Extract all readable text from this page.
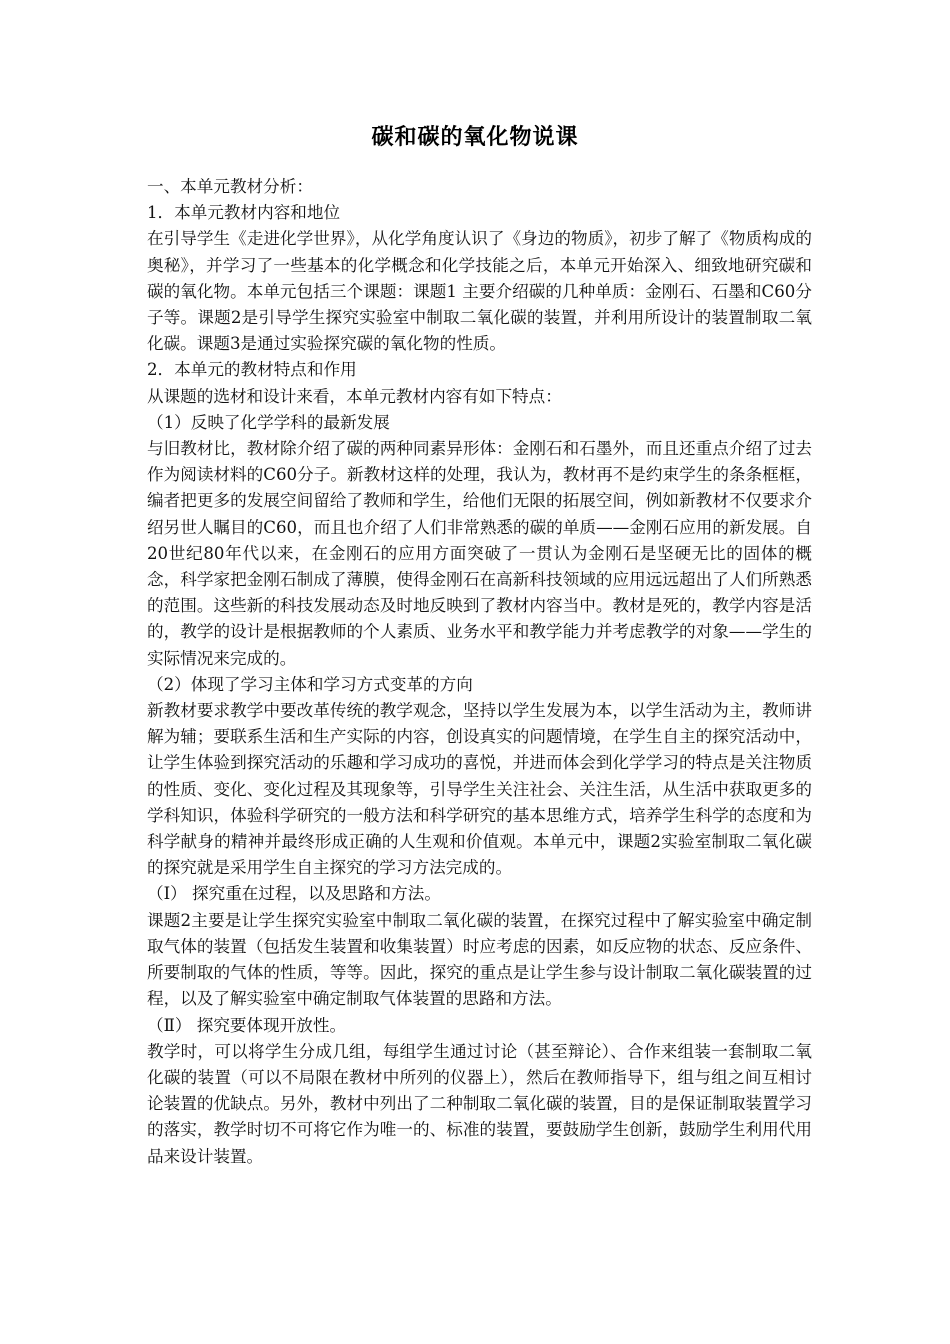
碳和碳的氧化物说课

一、本单元教材分析：

1．本单元教材内容和地位

在引导学生《走进化学世界》，从化学角度认识了《身边的物质》，初步了解了《物质构成的奥秘》，并学习了一些基本的化学概念和化学技能之后，本单元开始深入、细致地研究碳和碳的氧化物。本单元包括三个课题：课题1 主要介绍碳的几种单质：金刚石、石墨和C60分子等。课题2是引导学生探究实验室中制取二氧化碳的装置，并利用所设计的装置制取二氧化碳。课题3是通过实验探究碳的氧化物的性质。

2．本单元的教材特点和作用

从课题的选材和设计来看，本单元教材内容有如下特点：

（1）反映了化学学科的最新发展

与旧教材比，教材除介绍了碳的两种同素异形体：金刚石和石墨外，而且还重点介绍了过去作为阅读材料的C60分子。新教材这样的处理，我认为，教材再不是约束学生的条条框框，编者把更多的发展空间留给了教师和学生，给他们无限的拓展空间，例如新教材不仅要求介绍另世人瞩目的C60，而且也介绍了人们非常熟悉的碳的单质——金刚石应用的新发展。自20世纪80年代以来，在金刚石的应用方面突破了一贯认为金刚石是坚硬无比的固体的概念，科学家把金刚石制成了薄膜，使得金刚石在高新科技领域的应用远远超出了人们所熟悉的范围。这些新的科技发展动态及时地反映到了教材内容当中。教材是死的，教学内容是活的，教学的设计是根据教师的个人素质、业务水平和教学能力并考虑教学的对象——学生的实际情况来完成的。

（2）体现了学习主体和学习方式变革的方向

新教材要求教学中要改革传统的教学观念，坚持以学生发展为本，以学生活动为主，教师讲解为辅；要联系生活和生产实际的内容，创设真实的问题情境，在学生自主的探究活动中，让学生体验到探究活动的乐趣和学习成功的喜悦，并进而体会到化学学习的特点是关注物质的性质、变化、变化过程及其现象等，引导学生关注社会、关注生活，从生活中获取更多的学科知识，体验科学研究的一般方法和科学研究的基本思维方式，培养学生科学的态度和为科学献身的精神并最终形成正确的人生观和价值观。本单元中，课题2实验室制取二氧化碳的探究就是采用学生自主探究的学习方法完成的。

（Ⅰ） 探究重在过程，以及思路和方法。

课题2主要是让学生探究实验室中制取二氧化碳的装置，在探究过程中了解实验室中确定制取气体的装置（包括发生装置和收集装置）时应考虑的因素，如反应物的状态、反应条件、所要制取的气体的性质，等等。因此，探究的重点是让学生参与设计制取二氧化碳装置的过程，以及了解实验室中确定制取气体装置的思路和方法。

（Ⅱ） 探究要体现开放性。

教学时，可以将学生分成几组，每组学生通过讨论（甚至辩论）、合作来组装一套制取二氧化碳的装置（可以不局限在教材中所列的仪器上），然后在教师指导下，组与组之间互相讨论装置的优缺点。另外，教材中列出了二种制取二氧化碳的装置，目的是保证制取装置学习的落实，教学时切不可将它作为唯一的、标准的装置，要鼓励学生创新，鼓励学生利用代用品来设计装置。
